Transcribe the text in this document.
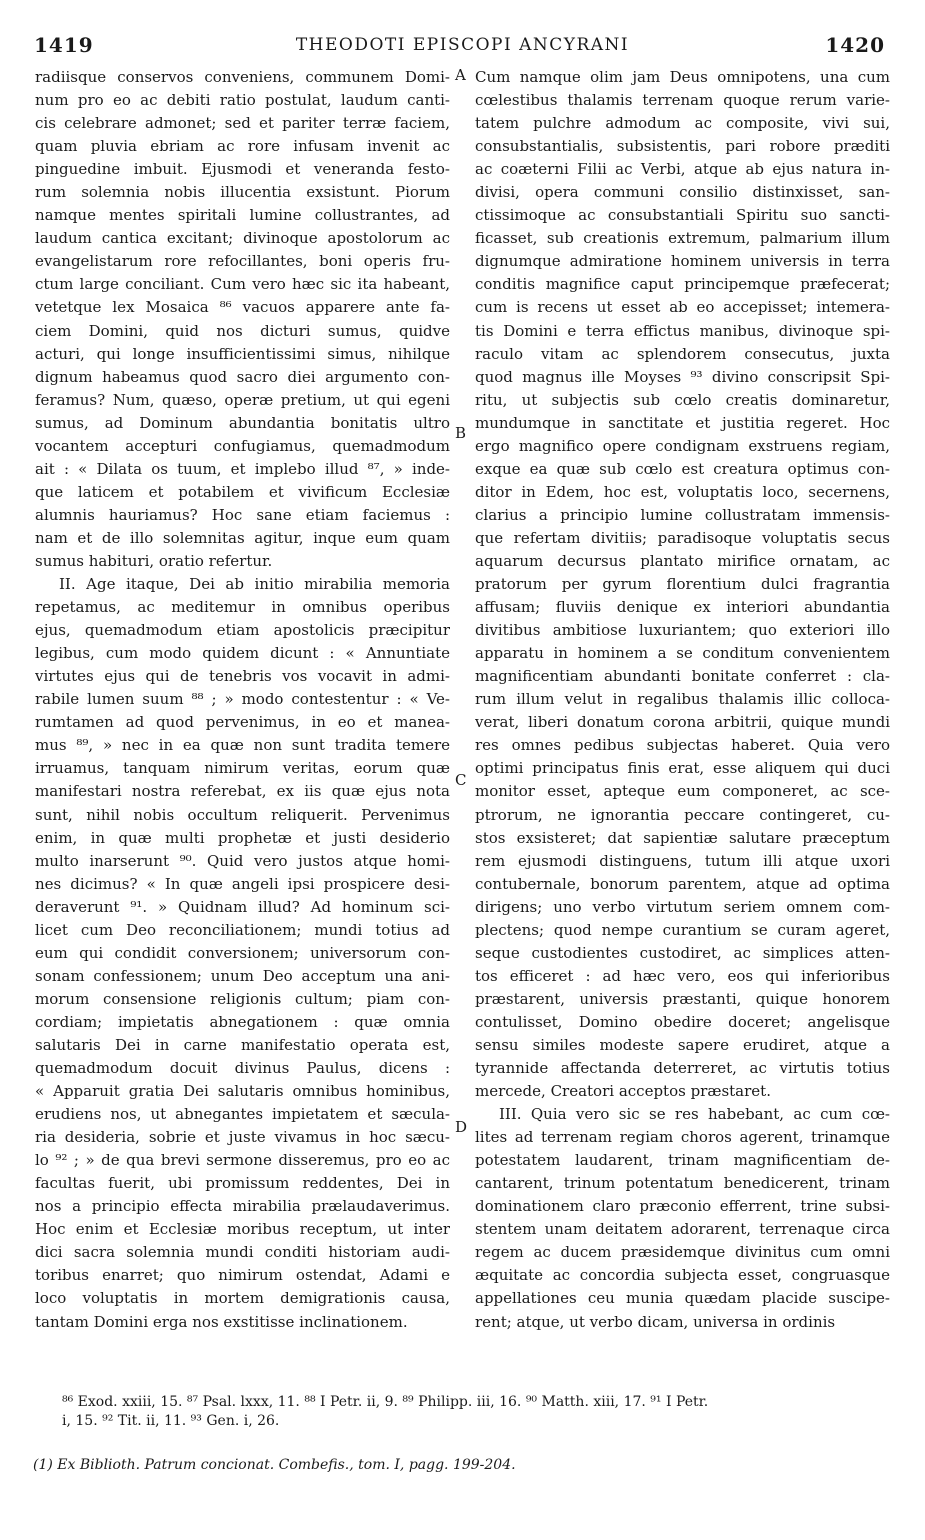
1419	THEODOTI EPISCOPI ANCYRANI	1420
radiisque conservos conveniens, communem Domi-
num pro eo ac debiti ratio postulat, laudum canti-
cis celebrare admonet; sed et pariter terræ faciem,
quam pluvia ebriam ac rore infusam invenit ac
pinguedine imbuit. Ejusmodi et veneranda festo-
rum solemnia nobis illucentia exsistunt. Piorum
namque mentes spiritali lumine collustrantes, ad
laudum cantica excitant; divinoque apostolorum ac
evangelistarum rore refocillantes, boni operis fru-
ctum large conciliant. Cum vero hæc sic ita habeant,
vetetque lex Mosaica ⁸⁶ vacuos apparere ante fa-
ciem Domini, quid nos dicturi sumus, quidve
acturi, qui longe insufficientissimi simus, nihilque
dignum habeamus quod sacro diei argumento con-
feramus? Num, quæso, operæ pretium, ut qui egeni
sumus, ad Dominum abundantia bonitatis ultro
vocantem accepturi confugiamus, quemadmodum
ait : « Dilata os tuum, et implebo illud ⁸⁷, » inde-
que laticem et potabilem et vivificum Ecclesiæ
alumnis hauriamus? Hoc sane etiam faciemus :
nam et de illo solemnitas agitur, inque eum quam
sumus habituri, oratio refertur.
II. Age itaque, Dei ab initio mirabilia memoria
repetamus, ac meditemur in omnibus operibus
ejus, quemadmodum etiam apostolicis præcipitur
legibus, cum modo quidem dicunt : « Annuntiate
virtutes ejus qui de tenebris vos vocavit in admi-
rabile lumen suum ⁸⁸ ; » modo contestentur : « Ve-
rumtamen ad quod pervenimus, in eo et manea-
mus ⁸⁹, » nec in ea quæ non sunt tradita temere
irruamus, tanquam nimirum veritas, eorum quæ
manifestari nostra referebat, ex iis quæ ejus nota
sunt, nihil nobis occultum reliquerit. Pervenimus
enim, in quæ multi prophetæ et justi desiderio
multo inarserunt ⁹⁰. Quid vero justos atque homi-
nes dicimus? « In quæ angeli ipsi prospicere desi-
deraverunt ⁹¹. » Quidnam illud? Ad hominum sci-
licet cum Deo reconciliationem; mundi totius ad
eum qui condidit conversionem; universorum con-
sonam confessionem; unum Deo acceptum una ani-
morum consensione religionis cultum; piam con-
cordiam; impietatis abnegationem : quæ omnia
salutaris Dei in carne manifestatio operata est,
quemadmodum docuit divinus Paulus, dicens :
« Apparuit gratia Dei salutaris omnibus hominibus,
erudiens nos, ut abnegantes impietatem et sæcula-
ria desideria, sobrie et juste vivamus in hoc sæcu-
lo ⁹² ; » de qua brevi sermone disseremus, pro eo ac
facultas fuerit, ubi promissum reddentes, Dei in
nos a principio effecta mirabilia prælaudaverimus.
Hoc enim et Ecclesiæ moribus receptum, ut inter
dici sacra solemnia mundi conditi historiam audi-
toribus enarret; quo nimirum ostendat, Adami e
loco voluptatis in mortem demigrationis causa,
tantam Domini erga nos exstitisse inclinationem.
Cum namque olim jam Deus omnipotens, una cum
cœlestibus thalamis terrenam quoque rerum varie-
tatem pulchre admodum ac composite, vivi sui,
consubstantialis, subsistentis, pari robore præditi
ac coæterni Filii ac Verbi, atque ab ejus natura in-
divisi, opera communi consilio distinxisset, san-
ctissimoque ac consubstantiali Spiritu suo sancti-
ficasset, sub creationis extremum, palmarium illum
dignumque admiratione hominem universis in terra
conditis magnifice caput principemque præfecerat;
cum is recens ut esset ab eo accepisset; intemera-
tis Domini e terra effictus manibus, divinoque spi-
raculo vitam ac splendorem consecutus, juxta
quod magnus ille Moyses ⁹³ divino conscripsit Spi-
ritu, ut subjectis sub cœlo creatis dominaretur,
mundumque in sanctitate et justitia regeret. Hoc
ergo magnifico opere condignam exstruens regiam,
exque ea quæ sub cœlo est creatura optimus con-
ditor in Edem, hoc est, voluptatis loco, secernens,
clarius a principio lumine collustratam immensis-
que refertam divitiis; paradisoque voluptatis secus
aquarum decursus plantato mirifice ornatam, ac
pratorum per gyrum florentium dulci fragrantia
affusam; fluviis denique ex interiori abundantia
divitibus ambitiose luxuriantem; quo exteriori illo
apparatu in hominem a se conditum convenientem
magnificentiam abundanti bonitate conferret : cla-
rum illum velut in regalibus thalamis illic colloca-
verat, liberi donatum corona arbitrii, quique mundi
res omnes pedibus subjectas haberet. Quia vero
optimi principatus finis erat, esse aliquem qui duci
monitor esset, apteque eum componeret, ac sce-
ptrorum, ne ignorantia peccare contingeret, cu-
stos exsisteret; dat sapientiæ salutare præceptum
rem ejusmodi distinguens, tutum illi atque uxori
contubernale, bonorum parentem, atque ad optima
dirigens; uno verbo virtutum seriem omnem com-
plectens; quod nempe curantium se curam ageret,
seque custodientes custodiret, ac simplices atten-
tos efficeret : ad hæc vero, eos qui inferioribus
præstarent, universis præstanti, quique honorem
contulisset, Domino obedire doceret; angelisque
sensu similes modeste sapere erudiret, atque a
tyrannide affectanda deterreret, ac virtutis totius
mercede, Creatori acceptos præstaret.
III. Quia vero sic se res habebant, ac cum cœ-
lites ad terrenam regiam choros agerent, trinamque
potestatem laudarent, trinam magnificentiam de-
cantarent, trinum potentatum benedicerent, trinam
dominationem claro præconio efferrent, trine subsi-
stentem unam deitatem adorarent, terrenaque circa
regem ac ducem præsidemque divinitus cum omni
æquitate ac concordia subjecta esset, congruasque
appellationes ceu munia quædam placide suscipe-
rent; atque, ut verbo dicam, universa in ordinis
A
B
C
D
⁸⁶ Exod. xxiii, 15. ⁸⁷ Psal. lxxx, 11. ⁸⁸ I Petr. ii, 9. ⁸⁹ Philipp. iii, 16. ⁹⁰ Matth. xiii, 17. ⁹¹ I Petr.
i, 15. ⁹² Tit. ii, 11. ⁹³ Gen. i, 26.
(1) Ex Biblioth. Patrum concionat. Combefis., tom. I, pagg. 199-204.
